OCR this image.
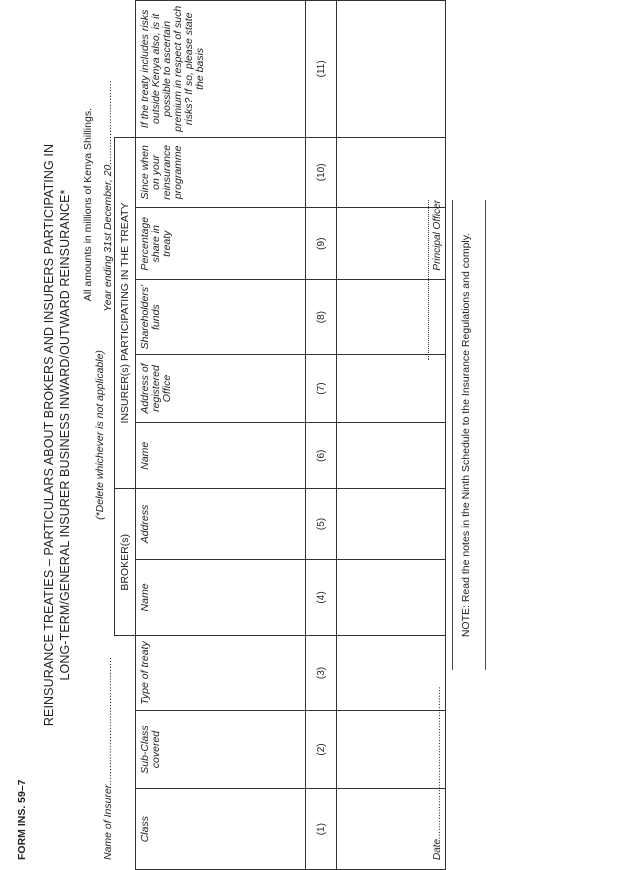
FORM INS. 59–7
REINSURANCE TREATIES – PARTICULARS ABOUT BROKERS AND INSURERS PARTICIPATING IN LONG-TERM/GENERAL INSURER BUSINESS INWARD/OUTWARD REINSURANCE* (*Delete whichever is not applicable)
All amounts in millions of Kenya Shillings.
Name of Insurer............................................
Year ending 31st December, 20.............................
			BROKER(s)		INSURER(s) PARTICIPATING IN THE TREATY					
Class	Sub-Class covered	Type of treaty	Name	Address	Name	Address of registered Office	Shareholders' funds	Percentage share in treaty	Since when on your reinsurance programme	If the treaty includes risks outside Kenya also, is it possible to ascertain premium in respect of such risks? If so, please state the basis
(1)	(2)	(3)	(4)	(5)	(6)	(7)	(8)	(9)	(10)	(11)

Date.......................................................
Principal Officer NOTE: Read the notes in the Ninth Schedule to the Insurance Regulations and comply.
